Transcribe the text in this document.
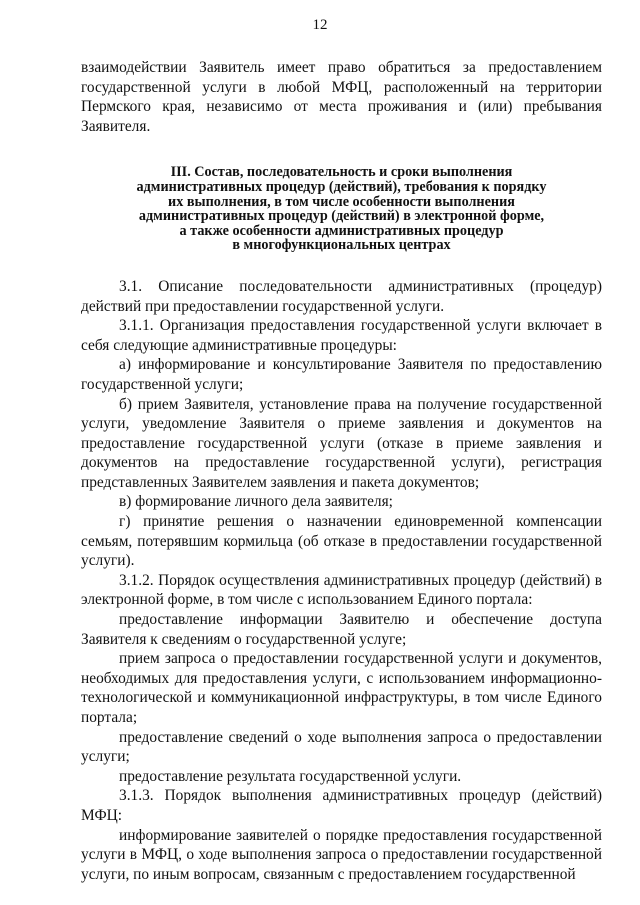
12

взаимодействии Заявитель имеет право обратиться за предоставлением государственной услуги в любой МФЦ, расположенный на территории Пермского края, независимо от места проживания и (или) пребывания Заявителя.

III. Состав, последовательность и сроки выполнения
административных процедур (действий), требования к порядку
их выполнения, в том числе особенности выполнения
административных процедур (действий) в электронной форме,
а также особенности административных процедур
в многофункциональных центрах

3.1. Описание последовательности административных (процедур) действий при предоставлении государственной услуги.

3.1.1. Организация предоставления государственной услуги включает в себя следующие административные процедуры:

а) информирование и консультирование Заявителя по предоставлению государственной услуги;

б) прием Заявителя, установление права на получение государственной услуги, уведомление Заявителя о приеме заявления и документов на предоставление государственной услуги (отказе в приеме заявления и документов на предоставление государственной услуги), регистрация представленных Заявителем заявления и пакета документов;

в) формирование личного дела заявителя;

г) принятие решения о назначении единовременной компенсации семьям, потерявшим кормильца (об отказе в предоставлении государственной услуги).

3.1.2. Порядок осуществления административных процедур (действий) в электронной форме, в том числе с использованием Единого портала:

предоставление информации Заявителю и обеспечение доступа Заявителя к сведениям о государственной услуге;

прием запроса о предоставлении государственной услуги и документов, необходимых для предоставления услуги, с использованием информационно-технологической и коммуникационной инфраструктуры, в том числе Единого портала;

предоставление сведений о ходе выполнения запроса о предоставлении услуги;

предоставление результата государственной услуги.

3.1.3. Порядок выполнения административных процедур (действий) МФЦ:

информирование заявителей о порядке предоставления государственной услуги в МФЦ, о ходе выполнения запроса о предоставлении государственной услуги, по иным вопросам, связанным с предоставлением государственной
